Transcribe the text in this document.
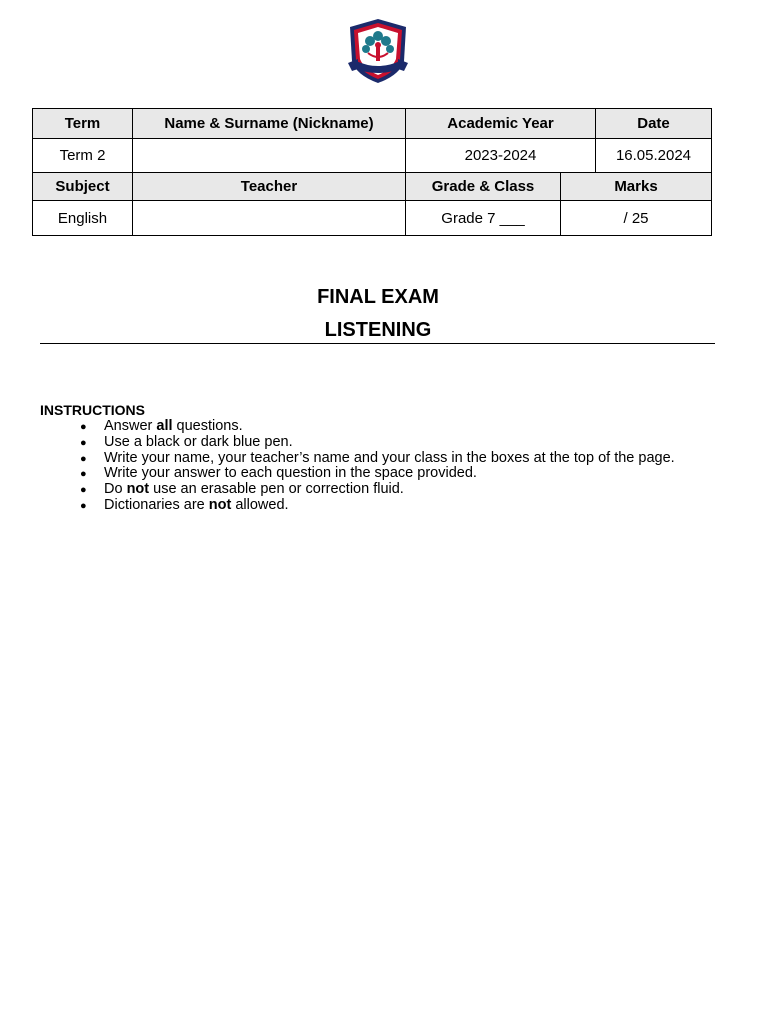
Term	Name & Surname (Nickname)	Academic Year		Date
Term 2		2023-2024		16.05.2024
Subject	Teacher	Grade & Class	Marks	
English		Grade 7 ___	/ 25	
FINAL EXAM
LISTENING
INSTRUCTIONS
● Answer all questions.
● Use a black or dark blue pen.
● Write your name, your teacher’s name and your class in the boxes at the top of the page.
● Write your answer to each question in the space provided.
● Do not use an erasable pen or correction fluid.
● Dictionaries are not allowed.
